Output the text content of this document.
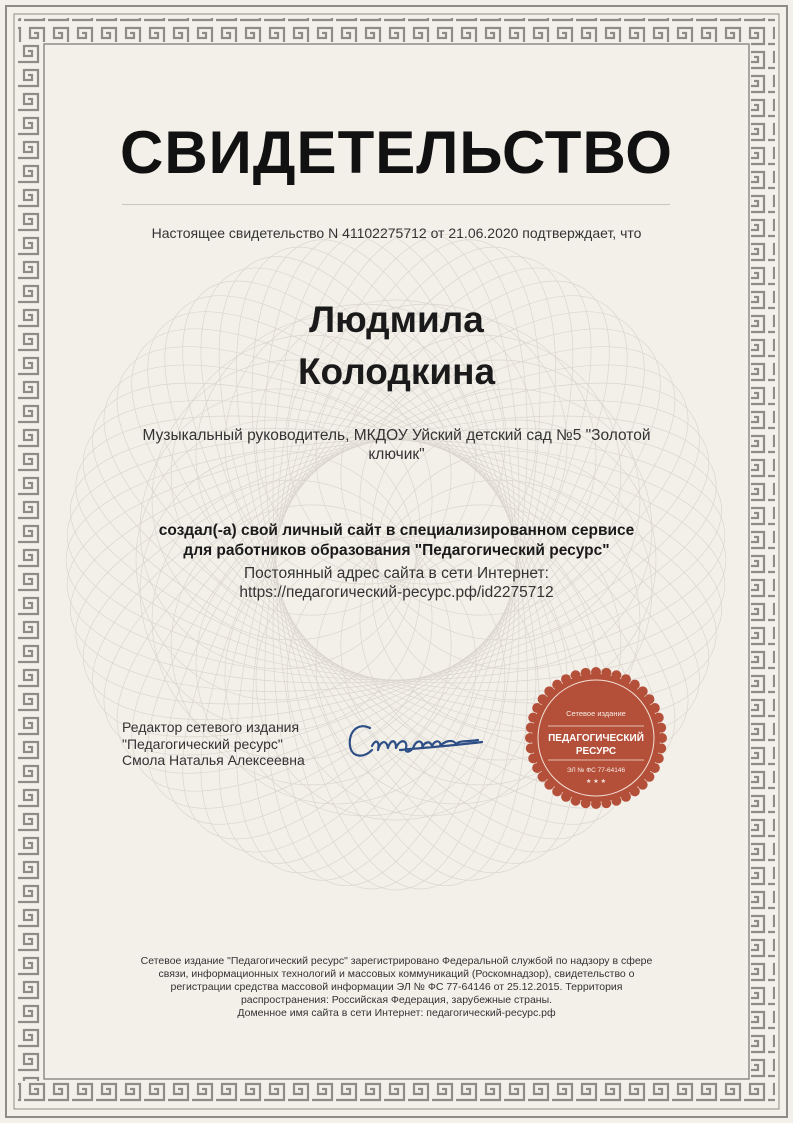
СВИДЕТЕЛЬСТВО
Настоящее свидетельство N 41102275712 от 21.06.2020 подтверждает, что
Людмила
Колодкина
Музыкальный руководитель, МКДОУ Уйский детский сад №5 "Золотой ключик"
создал(-а) свой личный сайт в специализированном сервисе
для работников образования "Педагогический ресурс"
Постоянный адрес сайта в сети Интернет:
https://педагогический-ресурс.рф/id2275712
Редактор сетевого издания
"Педагогический ресурс"
Смола Наталья Алексеевна
Сетевое издание
ПЕДАГОГИЧЕСКИЙ
РЕСУРС
ЭЛ № ФС 77-64146
★ ★ ★
Сетевое издание "Педагогический ресурс" зарегистрировано Федеральной службой по надзору в сфере
связи, информационных технологий и массовых коммуникаций (Роскомнадзор), свидетельство о
регистрации средства массовой информации ЭЛ № ФС 77-64146 от 25.12.2015. Территория
распространения: Российская Федерация, зарубежные страны.
Доменное имя сайта в сети Интернет: педагогический-ресурс.рф
